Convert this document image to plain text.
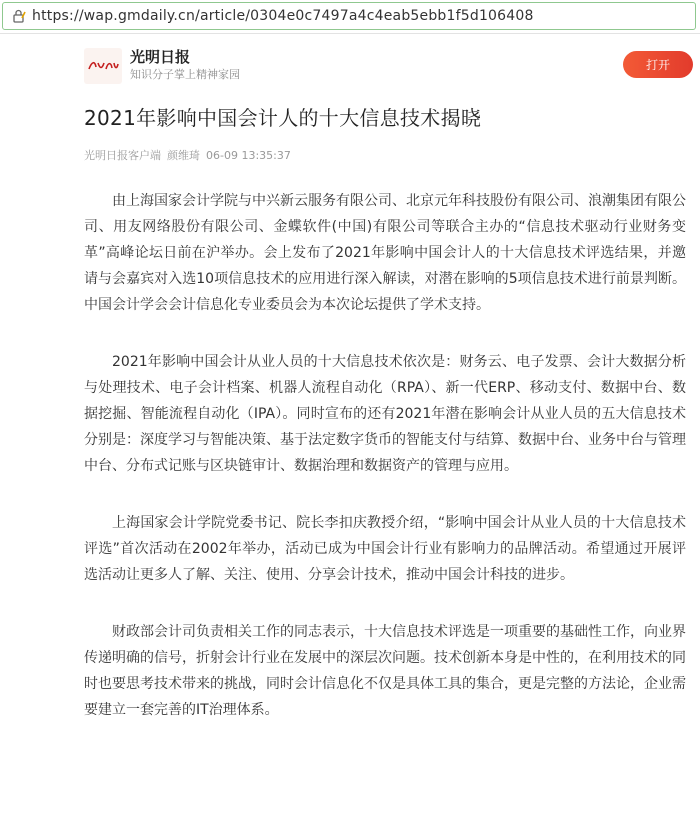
https://wap.gmdaily.cn/article/0304e0c7497a4c4eab5ebb1f5d106408
光明日报
知识分子掌上精神家园
打开
2021年影响中国会计人的十大信息技术揭晓
光明日报客户端 颜维琦 06-09 13:35:37

由上海国家会计学院与中兴新云服务有限公司、北京元年科技股份有限公司、浪潮集团有限公司、用友网络股份有限公司、金蝶软件(中国)有限公司等联合主办的“信息技术驱动行业财务变革”高峰论坛日前在沪举办。会上发布了2021年影响中国会计人的十大信息技术评选结果，并邀请与会嘉宾对入选10项信息技术的应用进行深入解读，对潜在影响的5项信息技术进行前景判断。中国会计学会会计信息化专业委员会为本次论坛提供了学术支持。

2021年影响中国会计从业人员的十大信息技术依次是：财务云、电子发票、会计大数据分析与处理技术、电子会计档案、机器人流程自动化（RPA）、新一代ERP、移动支付、数据中台、数据挖掘、智能流程自动化（IPA）。同时宣布的还有2021年潜在影响会计从业人员的五大信息技术分别是：深度学习与智能决策、基于法定数字货币的智能支付与结算、数据中台、业务中台与管理中台、分布式记账与区块链审计、数据治理和数据资产的管理与应用。

上海国家会计学院党委书记、院长李扣庆教授介绍，“影响中国会计从业人员的十大信息技术评选”首次活动在2002年举办，活动已成为中国会计行业有影响力的品牌活动。希望通过开展评选活动让更多人了解、关注、使用、分享会计技术，推动中国会计科技的进步。

财政部会计司负责相关工作的同志表示，十大信息技术评选是一项重要的基础性工作，向业界传递明确的信号，折射会计行业在发展中的深层次问题。技术创新本身是中性的，在利用技术的同时也要思考技术带来的挑战，同时会计信息化不仅是具体工具的集合，更是完整的方法论，企业需要建立一套完善的IT治理体系。
